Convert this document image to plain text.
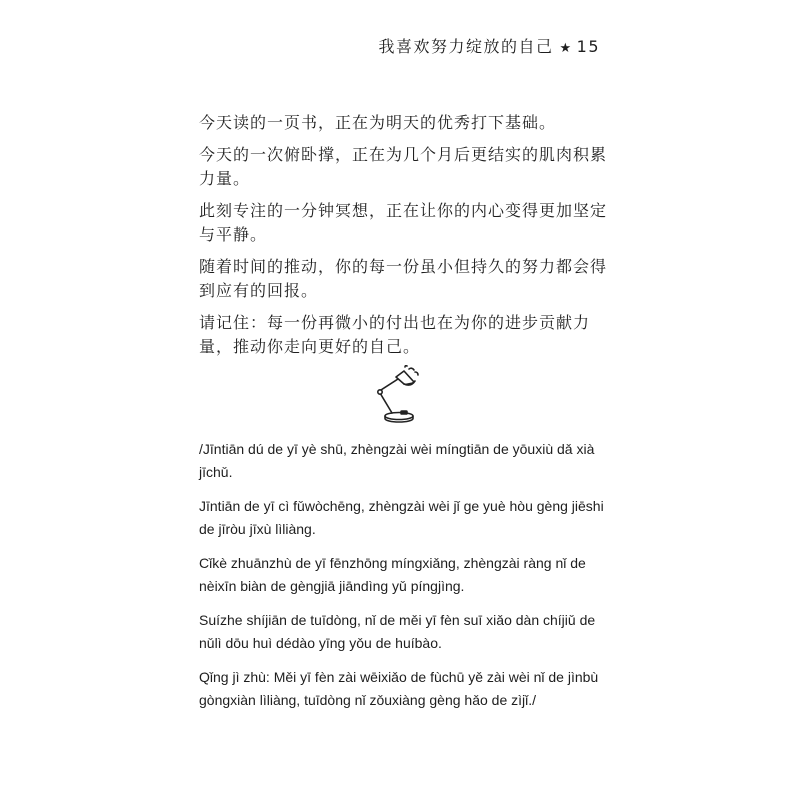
我喜欢努力绽放的自己 ★ 15

今天读的一页书，正在为明天的优秀打下基础。

今天的一次俯卧撑，正在为几个月后更结实的肌肉积累力量。

此刻专注的一分钟冥想，正在让你的内心变得更加坚定与平静。

随着时间的推动，你的每一份虽小但持久的努力都会得到应有的回报。

请记住：每一份再微小的付出也在为你的进步贡献力量，推动你走向更好的自己。

/Jīntiān dú de yī yè shū, zhèngzài wèi míngtiān de yōuxiù dǎ xià jīchǔ.

Jīntiān de yī cì fǔwòchēng, zhèngzài wèi jǐ ge yuè hòu gèng jiēshi de jīròu jīxù lìliàng.

Cǐkè zhuānzhù de yī fēnzhōng míngxiǎng, zhèngzài ràng nǐ de nèixīn biàn de gèngjiā jiāndìng yǔ píngjìng.

Suízhe shíjiān de tuīdòng, nǐ de měi yī fèn suī xiǎo dàn chíjiǔ de nǔlì dōu huì dédào yīng yǒu de huíbào.

Qǐng jì zhù: Měi yī fèn zài wēixiǎo de fùchū yě zài wèi nǐ de jìnbù gòngxiàn lìliàng, tuīdòng nǐ zǒuxiàng gèng hǎo de zìjǐ./
